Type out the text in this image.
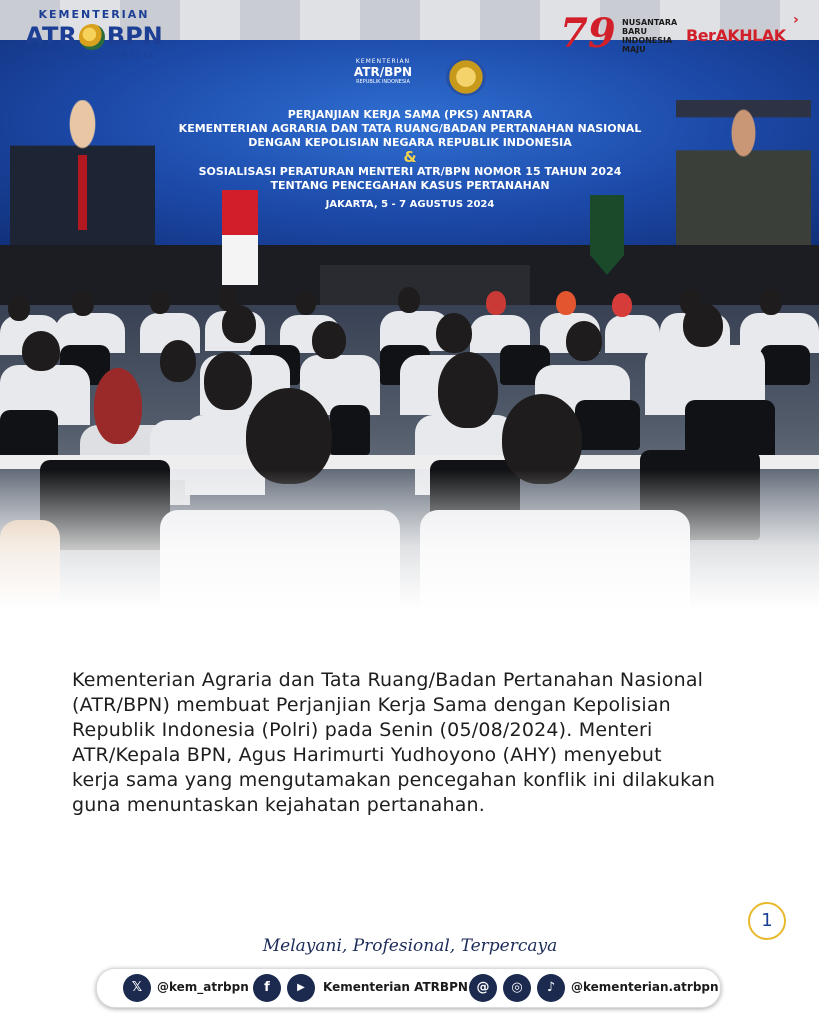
KEMENTERIAN
ATR/BPN
REPUBLIK INDONESIA
PERJANJIAN KERJA SAMA (PKS) ANTARA
KEMENTERIAN AGRARIA DAN TATA RUANG/BADAN PERTANAHAN NASIONAL
DENGAN KEPOLISIAN NEGARA REPUBLIK INDONESIA
&
SOSIALISASI PERATURAN MENTERI ATR/BPN NOMOR 15 TAHUN 2024
TENTANG PENCEGAHAN KASUS PERTANAHAN
JAKARTA, 5 - 7 AGUSTUS 2024
KEMENTERIAN
ATR BPN
REPUBLIK INDONESIA	79 NUSANTARA
BARU
INDONESIA
MAJU
BerAKHLAK
›
Kementerian Agraria dan Tata Ruang/Badan Pertanahan Nasional
(ATR/BPN) membuat Perjanjian Kerja Sama dengan Kepolisian
Republik Indonesia (Polri) pada Senin (05/08/2024). Menteri
ATR/Kepala BPN, Agus Harimurti Yudhoyono (AHY) menyebut
kerja sama yang mengutamakan pencegahan konflik ini dilakukan
guna menuntaskan kejahatan pertanahan.
1
Melayani, Profesional, Terpercaya
𝕏	@kem_atrbpn	f	▶	Kementerian ATRBPN @	◎	♪	@kementerian.atrbpn
